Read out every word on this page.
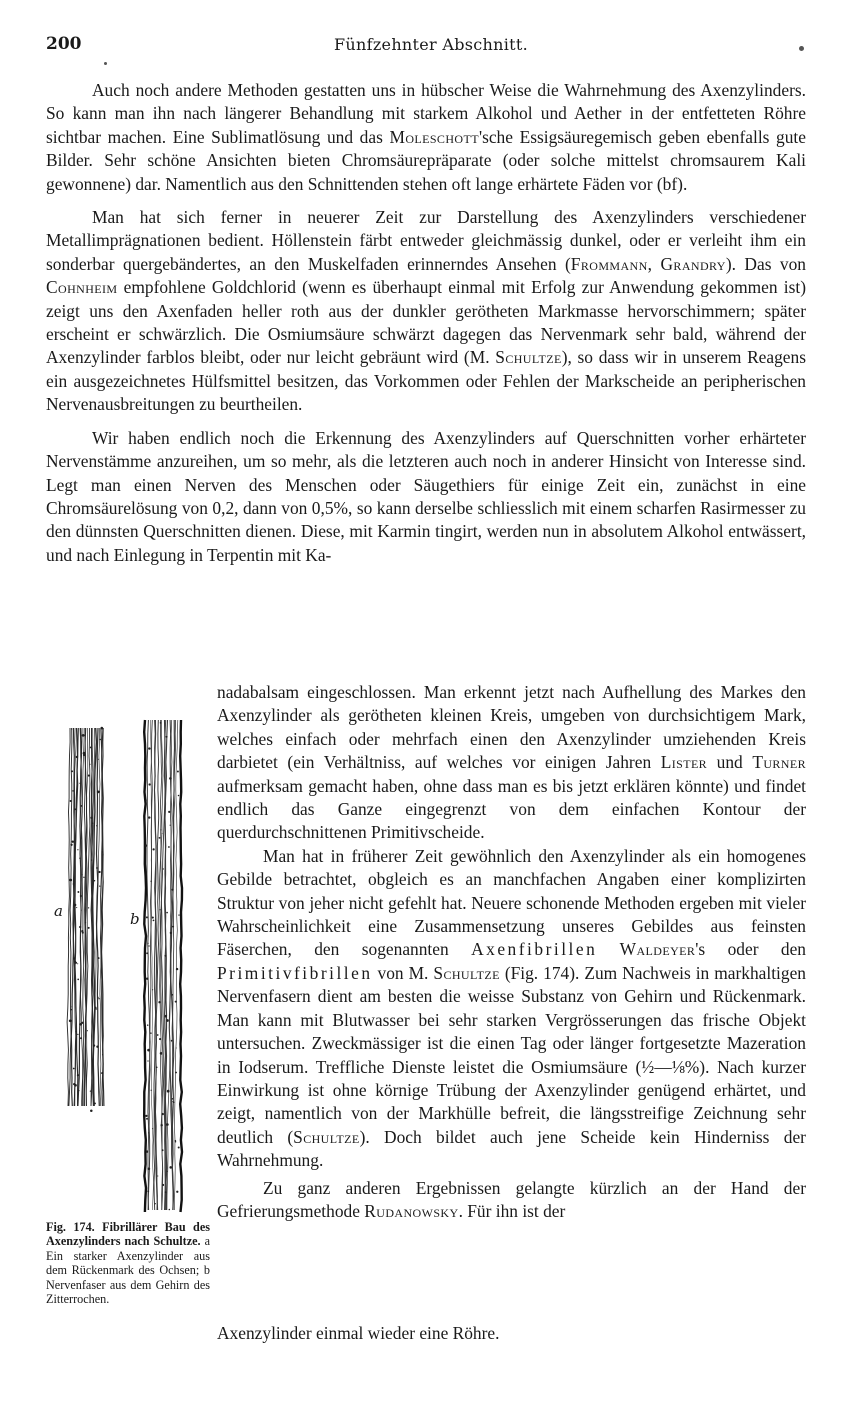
200	Fünfzehnter Abschnitt.

Auch noch andere Methoden gestatten uns in hübscher Weise die Wahrnehmung des Axenzylinders. So kann man ihn nach längerer Behandlung mit starkem Alkohol und Aether in der entfetteten Röhre sichtbar machen. Eine Sublimatlösung und das Moleschott'sche Essigsäuregemisch geben ebenfalls gute Bilder. Sehr schöne Ansichten bieten Chromsäurepräparate (oder solche mittelst chromsaurem Kali gewonnene) dar. Namentlich aus den Schnittenden stehen oft lange erhärtete Fäden vor (bf).

Man hat sich ferner in neuerer Zeit zur Darstellung des Axenzylinders verschiedener Metallimprägnationen bedient. Höllenstein färbt entweder gleichmässig dunkel, oder er verleiht ihm ein sonderbar quergebändertes, an den Muskelfaden erinnerndes Ansehen (Frommann, Grandry). Das von Cohnheim empfohlene Goldchlorid (wenn es überhaupt einmal mit Erfolg zur Anwendung gekommen ist) zeigt uns den Axenfaden heller roth aus der dunkler gerötheten Markmasse hervorschimmern; später erscheint er schwärzlich. Die Osmiumsäure schwärzt dagegen das Nervenmark sehr bald, während der Axenzylinder farblos bleibt, oder nur leicht gebräunt wird (M. Schultze), so dass wir in unserem Reagens ein ausgezeichnetes Hülfsmittel besitzen, das Vorkommen oder Fehlen der Markscheide an peripherischen Nervenausbreitungen zu beurtheilen.

Wir haben endlich noch die Erkennung des Axenzylinders auf Querschnitten vorher erhärteter Nervenstämme anzureihen, um so mehr, als die letzteren auch noch in anderer Hinsicht von Interesse sind. Legt man einen Nerven des Menschen oder Säugethiers für einige Zeit ein, zunächst in eine Chromsäurelösung von 0,2, dann von 0,5%, so kann derselbe schliesslich mit einem scharfen Rasirmesser zu den dünnsten Querschnitten dienen. Diese, mit Karmin tingirt, werden nun in absolutem Alkohol entwässert, und nach Einlegung in Terpentin mit Ka-

a	b
Fig. 174. Fibrillärer Bau des Axenzylinders nach Schultze. a Ein starker Axenzylinder aus dem Rückenmark des Ochsen; b Nervenfaser aus dem Gehirn des Zitterrochen.

nadabalsam eingeschlossen. Man erkennt jetzt nach Aufhellung des Markes den Axenzylinder als gerötheten kleinen Kreis, umgeben von durchsichtigem Mark, welches einfach oder mehrfach einen den Axenzylinder umziehenden Kreis darbietet (ein Verhältniss, auf welches vor einigen Jahren Lister und Turner aufmerksam gemacht haben, ohne dass man es bis jetzt erklären könnte) und findet endlich das Ganze eingegrenzt von dem einfachen Kontour der querdurchschnittenen Primitivscheide.

Man hat in früherer Zeit gewöhnlich den Axenzylinder als ein homogenes Gebilde betrachtet, obgleich es an manchfachen Angaben einer komplizirten Struktur von jeher nicht gefehlt hat. Neuere schonende Methoden ergeben mit vieler Wahrscheinlichkeit eine Zusammensetzung unseres Gebildes aus feinsten Fäserchen, den sogenannten Axenfibrillen Waldeyer's oder den Primitivfibrillen von M. Schultze (Fig. 174). Zum Nachweis in markhaltigen Nervenfasern dient am besten die weisse Substanz von Gehirn und Rückenmark. Man kann mit Blutwasser bei sehr starken Vergrösserungen das frische Objekt untersuchen. Zweckmässiger ist die einen Tag oder länger fortgesetzte Mazeration in Iodserum. Treffliche Dienste leistet die Osmiumsäure (½—⅛%). Nach kurzer Einwirkung ist ohne körnige Trübung der Axenzylinder genügend erhärtet, und zeigt, namentlich von der Markhülle befreit, die längsstreifige Zeichnung sehr deutlich (Schultze). Doch bildet auch jene Scheide kein Hinderniss der Wahrnehmung.

Zu ganz anderen Ergebnissen gelangte kürzlich an der Hand der Gefrierungsmethode Rudanowsky. Für ihn ist der

Axenzylinder einmal wieder eine Röhre.
